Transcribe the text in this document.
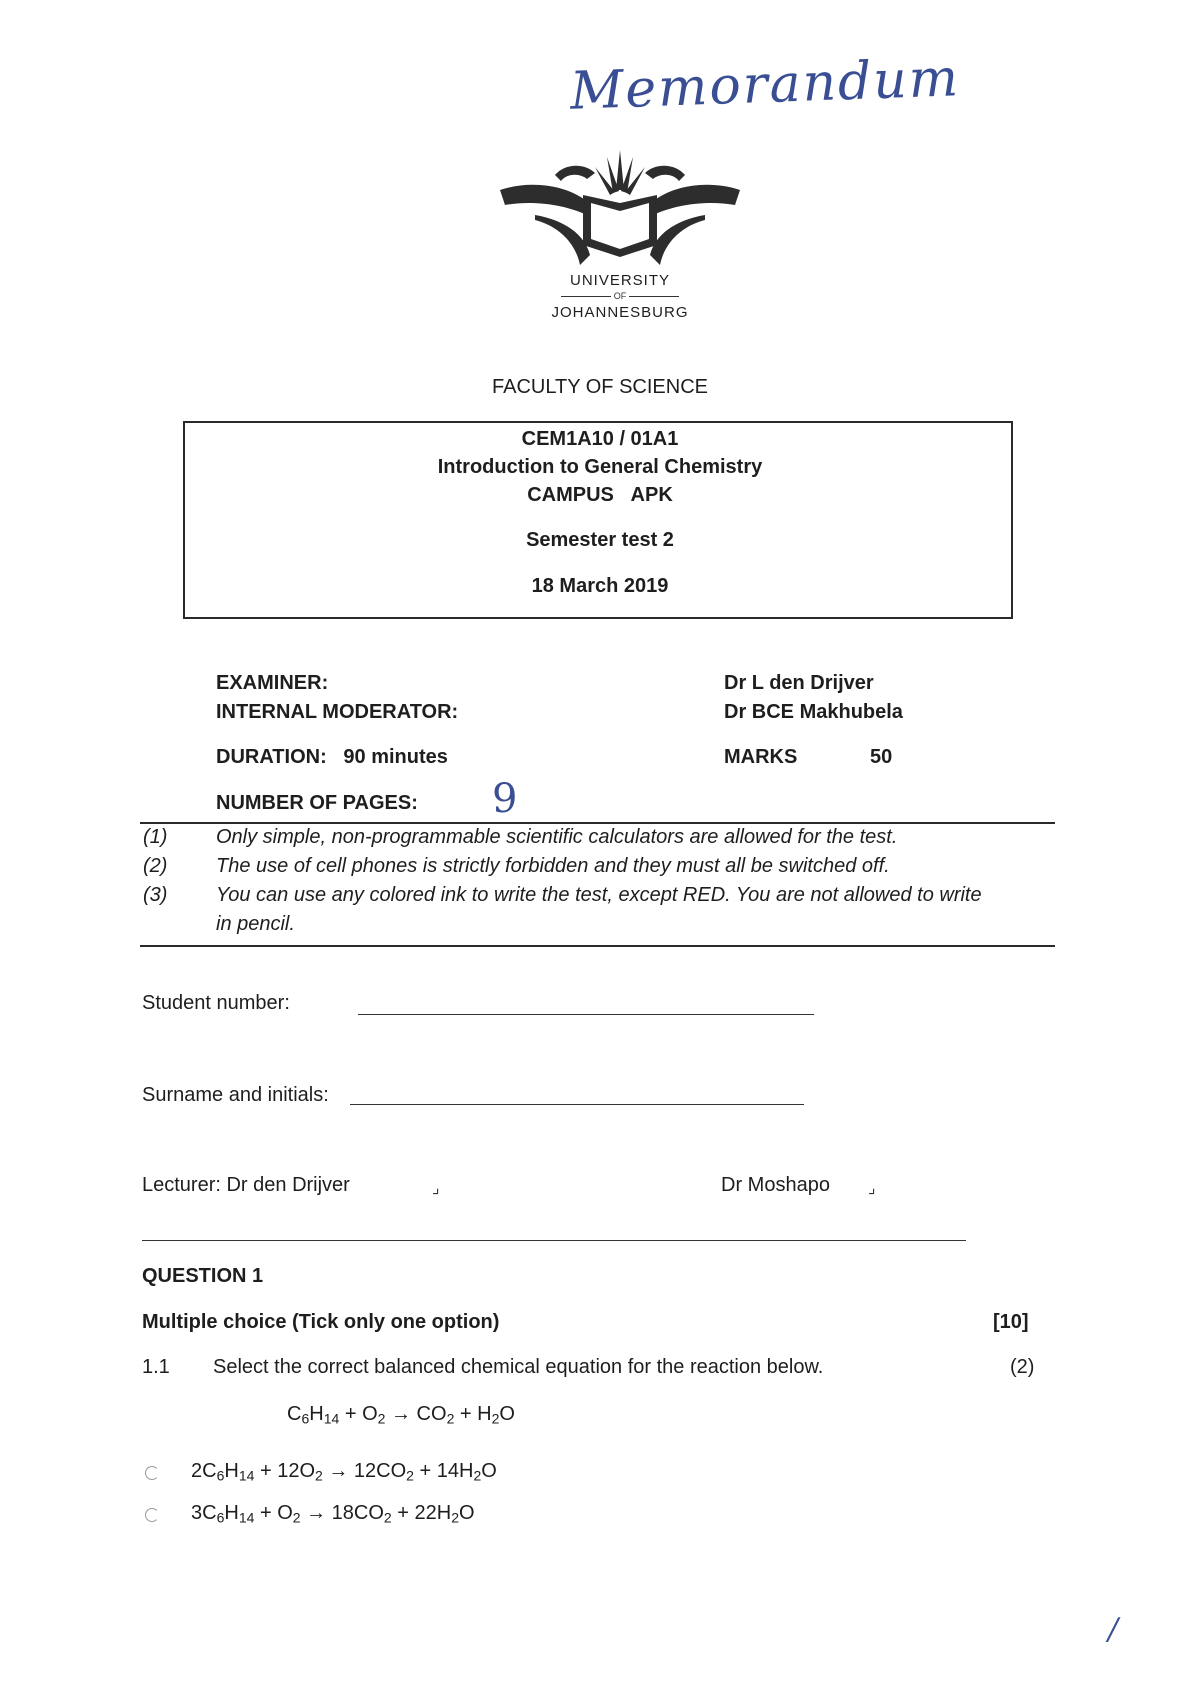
Memorandum
UNIVERSITY
OF
JOHANNESBURG
FACULTY OF SCIENCE
CEM1A10 / 01A1
Introduction to General Chemistry
CAMPUS APK
Semester test 2
18 March 2019
EXAMINER:	Dr L den Drijver
INTERNAL MODERATOR:	Dr BCE Makhubela
DURATION: 90 minutes	MARKS	50
NUMBER OF PAGES: 9
(1) Only simple, non-programmable scientific calculators are allowed for the test.
(2) The use of cell phones is strictly forbidden and they must all be switched off.
(3) You can use any colored ink to write the test, except RED. You are not allowed to write
in pencil.
Student number:
Surname and initials:
Lecturer: Dr den Drijver	⌟	Dr Moshapo ⌟
QUESTION 1
Multiple choice (Tick only one option)	[10]
1.1 Select the correct balanced chemical equation for the reaction below.	(2)
$C_6H_{14} + O_2 \to CO_2 + H_2O$
$2C_6H_{14} + 12O_2 \to 12CO_2 + 14H_2O$
$3C_6H_{14} + O_2 \to 18CO_2 + 22H_2O$
/
